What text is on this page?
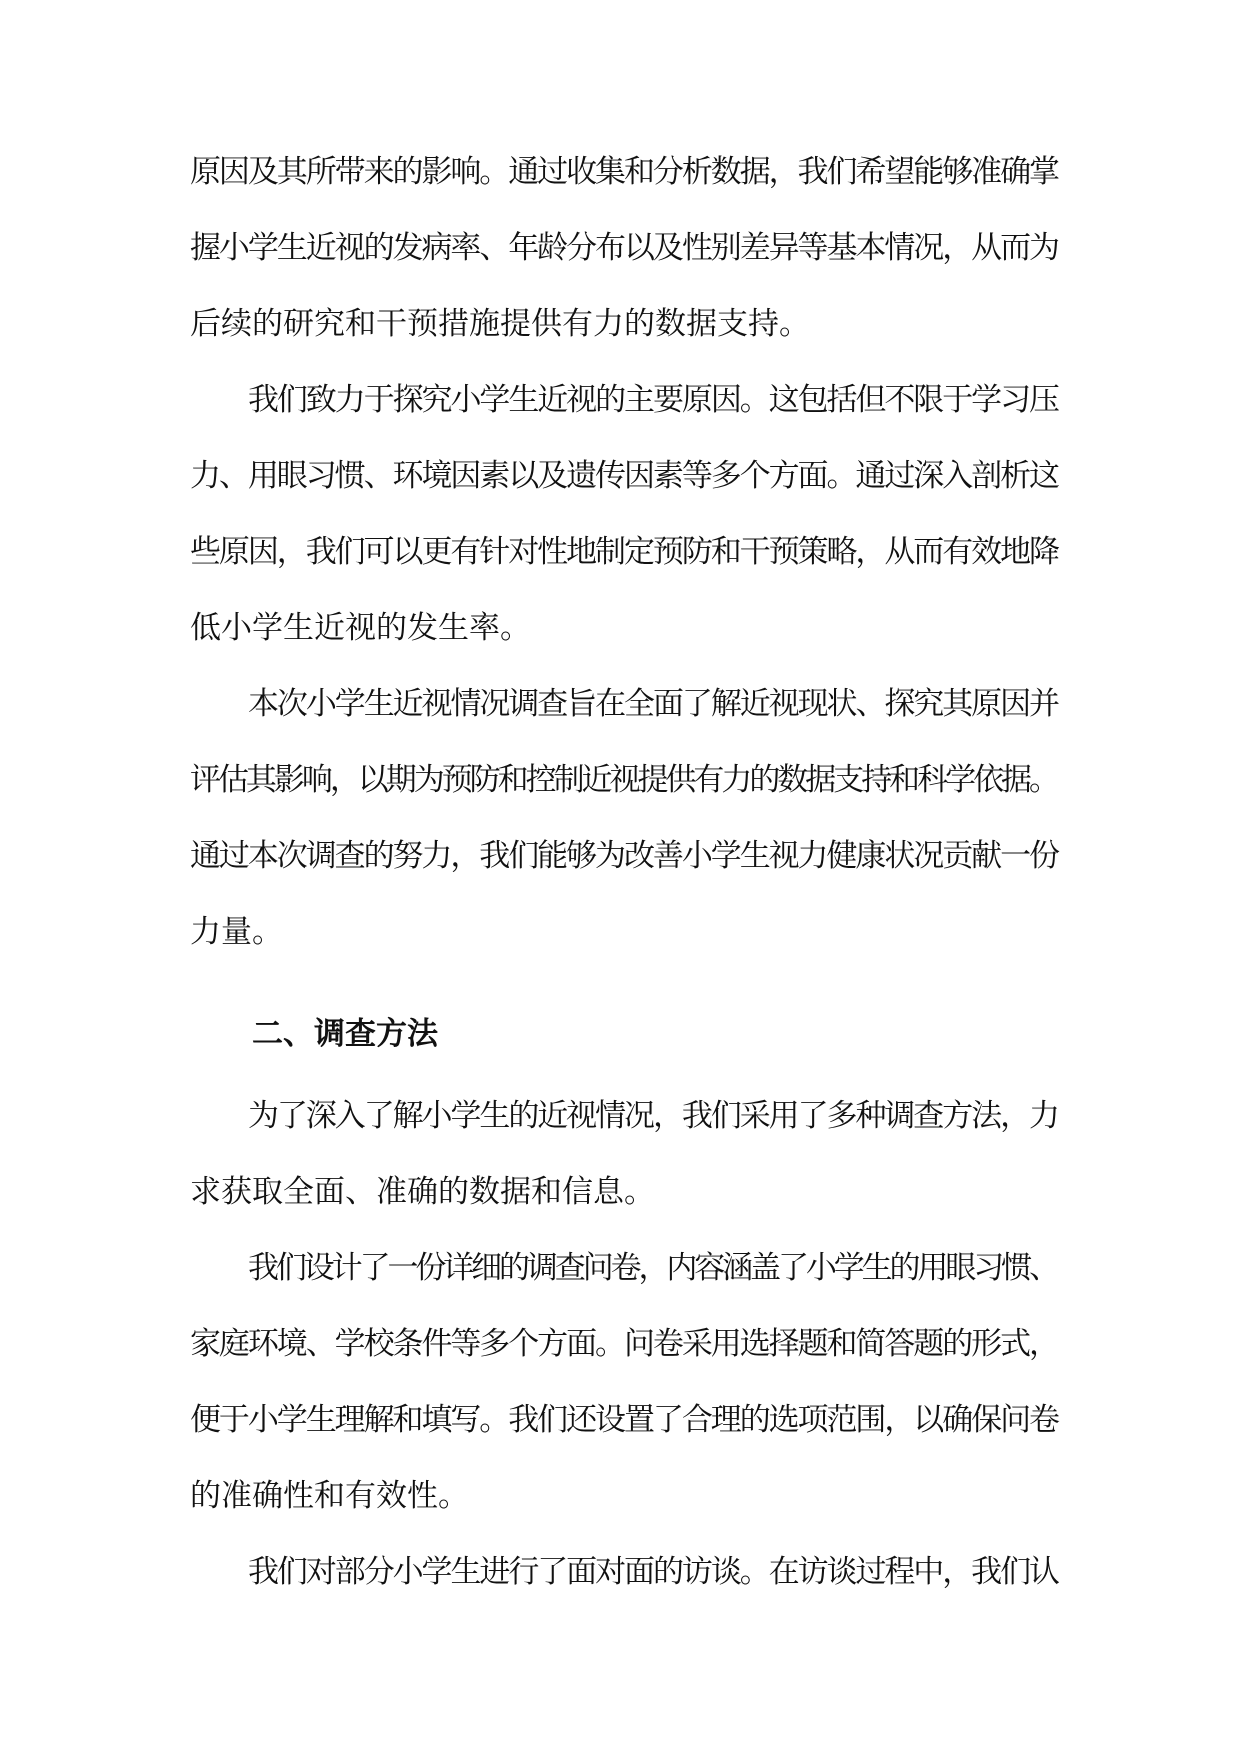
原因及其所带来的影响。通过收集和分析数据，我们希望能够准确掌
握小学生近视的发病率、年龄分布以及性别差异等基本情况，从而为
后续的研究和干预措施提供有力的数据支持。
我们致力于探究小学生近视的主要原因。这包括但不限于学习压
力、用眼习惯、环境因素以及遗传因素等多个方面。通过深入剖析这
些原因，我们可以更有针对性地制定预防和干预策略，从而有效地降
低小学生近视的发生率。
本次小学生近视情况调查旨在全面了解近视现状、探究其原因并
评估其影响，以期为预防和控制近视提供有力的数据支持和科学依据。
通过本次调查的努力，我们能够为改善小学生视力健康状况贡献一份
力量。
二、调查方法
为了深入了解小学生的近视情况，我们采用了多种调查方法，力
求获取全面、准确的数据和信息。
我们设计了一份详细的调查问卷，内容涵盖了小学生的用眼习惯、
家庭环境、学校条件等多个方面。问卷采用选择题和简答题的形式，
便于小学生理解和填写。我们还设置了合理的选项范围，以确保问卷
的准确性和有效性。
我们对部分小学生进行了面对面的访谈。在访谈过程中，我们认
